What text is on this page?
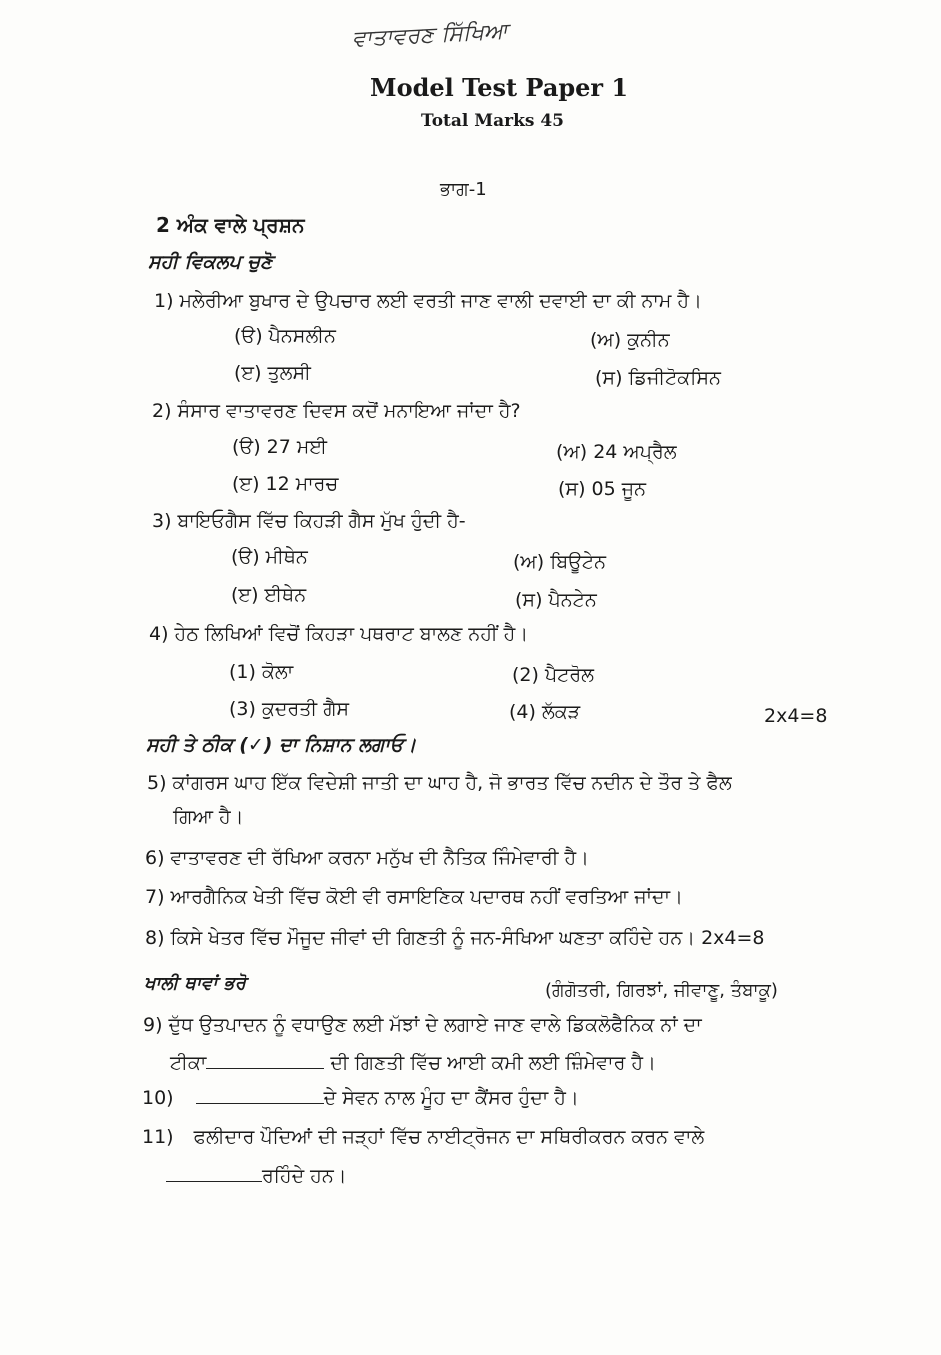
ਵਾਤਾਵਰਣ ਸਿੱਖਿਆ
Model Test Paper 1
Total Marks 45
ਭਾਗ-1
2 ਅੰਕ ਵਾਲੇ ਪ੍ਰਸ਼ਨ
ਸਹੀ ਵਿਕਲਪ ਚੁਣੋ
1) ਮਲੇਰੀਆ ਬੁਖਾਰ ਦੇ ਉਪਚਾਰ ਲਈ ਵਰਤੀ ਜਾਣ ਵਾਲੀ ਦਵਾਈ ਦਾ ਕੀ ਨਾਮ ਹੈ।
(ੳ) ਪੈਨਸਲੀਨ	(ਅ) ਕੁਨੀਨ
(ੲ) ਤੁਲਸੀ	(ਸ) ਡਿਜੀਟੋਕਸਿਨ
2) ਸੰਸਾਰ ਵਾਤਾਵਰਣ ਦਿਵਸ ਕਦੋਂ ਮਨਾਇਆ ਜਾਂਦਾ ਹੈ?
(ੳ) 27 ਮਈ	(ਅ) 24 ਅਪ੍ਰੈਲ
(ੲ) 12 ਮਾਰਚ	(ਸ) 05 ਜੂਨ
3) ਬਾਇਓਗੈਸ ਵਿੱਚ ਕਿਹੜੀ ਗੈਸ ਮੁੱਖ ਹੁੰਦੀ ਹੈ-
(ੳ) ਮੀਥੇਨ	(ਅ) ਬਿਊਟੇਨ
(ੲ) ਈਥੇਨ	(ਸ) ਪੈਨਟੇਨ
4) ਹੇਠ ਲਿਖਿਆਂ ਵਿਚੋਂ ਕਿਹੜਾ ਪਥਰਾਟ ਬਾਲਣ ਨਹੀਂ ਹੈ।
(1) ਕੋਲਾ	(2) ਪੈਟਰੋਲ
(3) ਕੁਦਰਤੀ ਗੈਸ	(4) ਲੱਕੜ	2x4=8
ਸਹੀ ਤੇ ਠੀਕ (✓) ਦਾ ਨਿਸ਼ਾਨ ਲਗਾਓ।
5) ਕਾਂਗਰਸ ਘਾਹ ਇੱਕ ਵਿਦੇਸ਼ੀ ਜਾਤੀ ਦਾ ਘਾਹ ਹੈ, ਜੋ ਭਾਰਤ ਵਿੱਚ ਨਦੀਨ ਦੇ ਤੌਰ ਤੇ ਫੈਲ
ਗਿਆ ਹੈ।
6) ਵਾਤਾਵਰਣ ਦੀ ਰੱਖਿਆ ਕਰਨਾ ਮਨੁੱਖ ਦੀ ਨੈਤਿਕ ਜਿੰਮੇਵਾਰੀ ਹੈ।
7) ਆਰਗੈਨਿਕ ਖੇਤੀ ਵਿੱਚ ਕੋਈ ਵੀ ਰਸਾਇਣਿਕ ਪਦਾਰਥ ਨਹੀਂ ਵਰਤਿਆ ਜਾਂਦਾ।
8) ਕਿਸੇ ਖੇਤਰ ਵਿੱਚ ਮੌਜੂਦ ਜੀਵਾਂ ਦੀ ਗਿਣਤੀ ਨੂੰ ਜਨ-ਸੰਖਿਆ ਘਣਤਾ ਕਹਿੰਦੇ ਹਨ। 2x4=8
ਖਾਲੀ ਥਾਵਾਂ ਭਰੋ	(ਗੰਗੋਤਰੀ, ਗਿਰਝਾਂ, ਜੀਵਾਣੂ, ਤੰਬਾਕੂ)
9) ਦੁੱਧ ਉਤਪਾਦਨ ਨੂੰ ਵਧਾਉਣ ਲਈ ਮੱਝਾਂ ਦੇ ਲਗਾਏ ਜਾਣ ਵਾਲੇ ਡਿਕਲੋਫੈਨਿਕ ਨਾਂ ਦਾ
ਟੀਕਾ	ਦੀ ਗਿਣਤੀ ਵਿੱਚ ਆਈ ਕਮੀ ਲਈ ਜ਼ਿੰਮੇਵਾਰ ਹੈ।
10)	ਦੇ ਸੇਵਨ ਨਾਲ ਮੂੰਹ ਦਾ ਕੈਂਸਰ ਹੁੰਦਾ ਹੈ।
11) ਫਲੀਦਾਰ ਪੌਦਿਆਂ ਦੀ ਜੜ੍ਹਾਂ ਵਿੱਚ ਨਾਈਟ੍ਰੋਜਨ ਦਾ ਸਥਿਰੀਕਰਨ ਕਰਨ ਵਾਲੇ
ਰਹਿੰਦੇ ਹਨ।
